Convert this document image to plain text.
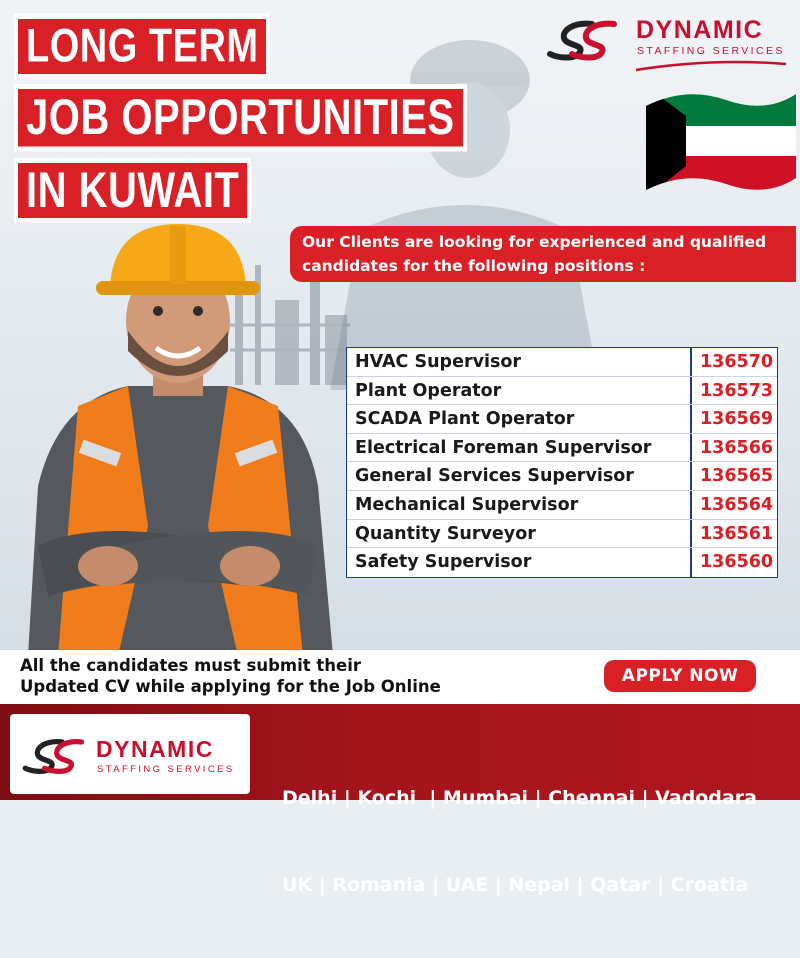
LONG TERM
JOB OPPORTUNITIES
IN KUWAIT
DYNAMIC
STAFFING SERVICES
Our Clients are looking for experienced and qualified candidates for the following positions :
HVAC Supervisor	136570
Plant Operator	136573
SCADA Plant Operator	136569
Electrical Foreman Supervisor	136566
General Services Supervisor	136565
Mechanical Supervisor	136564
Quantity Surveyor	136561
Safety Supervisor	136560
All the candidates must submit their
Updated CV while applying for the Job Online
APPLY NOW
DYNAMIC
STAFFING SERVICES

Delhi | Kochi  | Mumbai | Chennai | Vadodara

UK | Romania | UAE | Nepal | Qatar | Croatia
